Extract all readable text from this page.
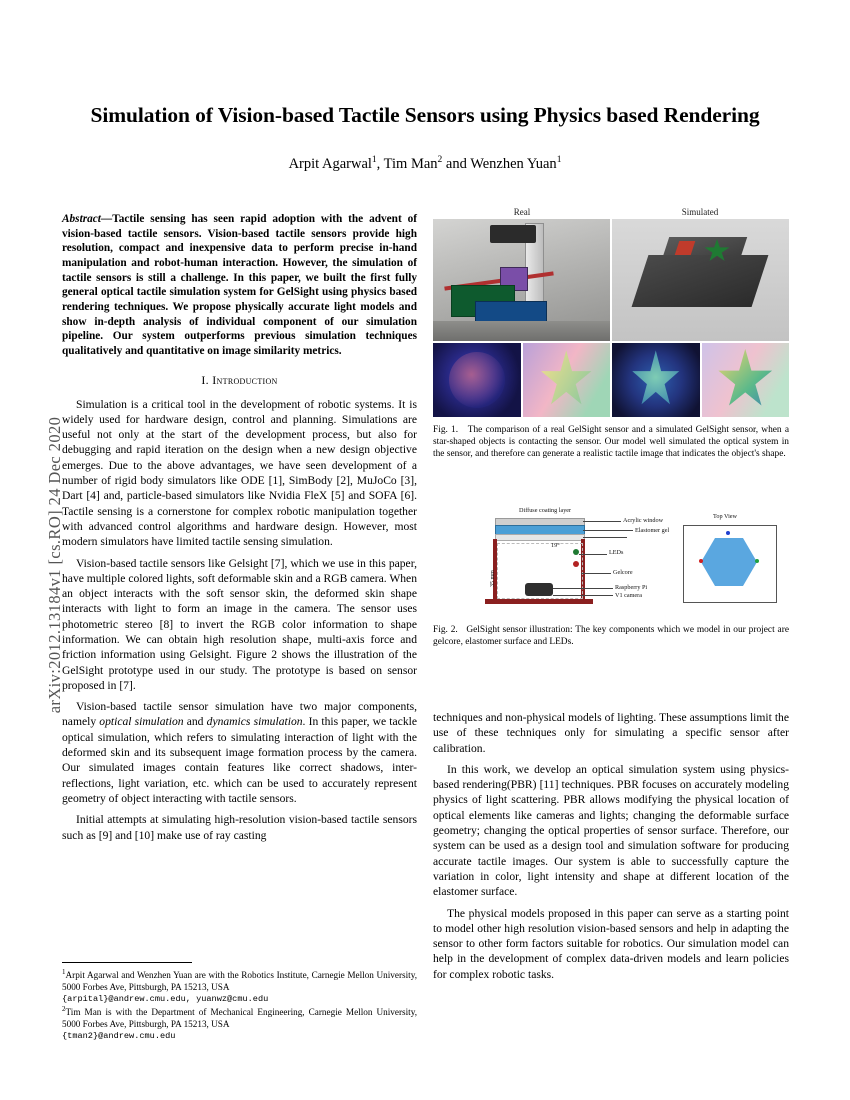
arXiv:2012.13184v1 [cs.RO] 24 Dec 2020
Simulation of Vision-based Tactile Sensors using Physics based Rendering
Arpit Agarwal$^1$, Tim Man$^2$ and Wenzhen Yuan$^1$
Abstract—Tactile sensing has seen rapid adoption with the advent of vision-based tactile sensors. Vision-based tactile sensors provide high resolution, compact and inexpensive data to perform precise in-hand manipulation and robot-human interaction. However, the simulation of tactile sensors is still a challenge. In this paper, we built the first fully general optical tactile simulation system for GelSight using physics based rendering techniques. We propose physically accurate light models and show in-depth analysis of individual component of our simulation pipeline. Our system outperforms previous simulation techniques qualitatively and quantitative on image similarity metrics.
I. Introduction

Simulation is a critical tool in the development of robotic systems. It is widely used for hardware design, control and planning. Simulations are useful not only at the start of the development process, but also for debugging and rapid iteration on the design when a new design objective emerges. Due to the above advantages, we have seen development of a number of rigid body simulators like ODE [1], SimBody [2], MuJoCo [3], Dart [4] and, particle-based simulators like Nvidia FleX [5] and SOFA [6]. Tactile sensing is a cornerstone for complex robotic manipulation together with advanced control algorithms and hardware design. However, most modern simulators have limited tactile sensing simulation.

Vision-based tactile sensors like Gelsight [7], which we use in this paper, have multiple colored lights, soft deformable skin and a RGB camera. When an object interacts with the soft sensor skin, the deformed skin shape interacts with light to form an image in the camera. The sensor uses photometric stereo [8] to invert the RGB color information to shape information. We can obtain high resolution shape, multi-axis force and friction information using Gelsight. Figure 2 shows the illustration of the GelSight prototype used in our study. The prototype is based on sensor proposed in [7].

Vision-based tactile sensor simulation have two major components, namely optical simulation and dynamics simulation. In this paper, we tackle optical simulation, which refers to simulating interaction of light with the deformed skin and its subsequent image formation process by the camera. Our simulated images contain features like correct shadows, inter-reflections, light variation, etc. which can be used to accurately represent geometry of object interacting with tactile sensors.

Initial attempts at simulating high-resolution vision-based tactile sensors such as [9] and [10] make use of ray casting

Real	Simulated
Fig. 1. The comparison of a real GelSight sensor and a simulated GelSight sensor, when a star-shaped objects is contacting the sensor. Our model well simulated the optical system in the sensor, and therefore can generate a realistic tactile image that indicates the object's shape.
Diffuse coating layer
Elastomer gel
Acrylic window
19°
LEDs
Gelcore
Raspberry Pi
V1 camera
35 mm
Top View
Fig. 2. GelSight sensor illustration: The key components which we model in our project are gelcore, elastomer surface and LEDs.

techniques and non-physical models of lighting. These assumptions limit the use of these techniques only for simulating a specific sensor after calibration.

In this work, we develop an optical simulation system using physics-based rendering(PBR) [11] techniques. PBR focuses on accurately modeling physics of light scattering. PBR allows modifying the physical location of optical elements like cameras and lights; changing the deformable surface geometry; changing the optical properties of sensor surface. Therefore, our system can be used as a design tool and simulation software for producing accurate tactile images. Our system is able to successfully capture the variation in color, light intensity and shape at different location of the elastomer surface.

The physical models proposed in this paper can serve as a starting point to model other high resolution vision-based sensors and help in adapting the sensor to other form factors suitable for robotics. Our simulation model can help in the development of complex data-driven models and learn policies for complex robotic tasks.

$^1$Arpit Agarwal and Wenzhen Yuan are with the Robotics Institute, Carnegie Mellon University, 5000 Forbes Ave, Pittsburgh, PA 15213, USA
{arpital}@andrew.cmu.edu, yuanwz@cmu.edu
$^2$Tim Man is with the Department of Mechanical Engineering, Carnegie Mellon University, 5000 Forbes Ave, Pittsburgh, PA 15213, USA
{tman2}@andrew.cmu.edu
